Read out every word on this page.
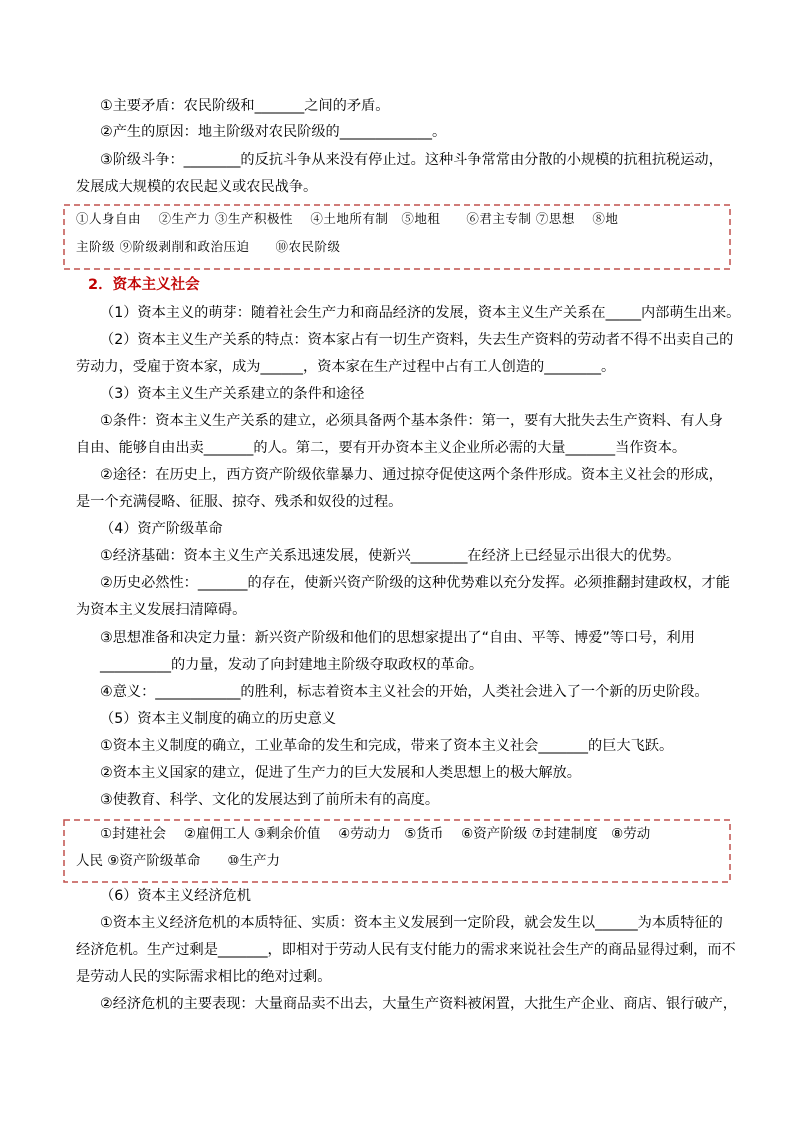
①主要矛盾：农民阶级和_______之间的矛盾。
②产生的原因：地主阶级对农民阶级的_____________。
③阶级斗争：________的反抗斗争从来没有停止过。这种斗争常常由分散的小规模的抗租抗税运动，
发展成大规模的农民起义或农民战争。
①人身自由　 ②生产力 ③生产积极性　 ④土地所有制　⑤地租　　⑥君主专制 ⑦思想　 ⑧地
主阶级 ⑨阶级剥削和政治压迫　　⑩农民阶级
2．资本主义社会
（1）资本主义的萌芽：随着社会生产力和商品经济的发展，资本主义生产关系在_____内部萌生出来。
（2）资本主义生产关系的特点：资本家占有一切生产资料，失去生产资料的劳动者不得不出卖自己的
劳动力，受雇于资本家，成为______，资本家在生产过程中占有工人创造的________。
（3）资本主义生产关系建立的条件和途径
①条件：资本主义生产关系的建立，必须具备两个基本条件：第一，要有大批失去生产资料、有人身
自由、能够自由出卖_______的人。第二，要有开办资本主义企业所必需的大量_______当作资本。
②途径：在历史上，西方资产阶级依靠暴力、通过掠夺促使这两个条件形成。资本主义社会的形成，
是一个充满侵略、征服、掠夺、残杀和奴役的过程。
（4）资产阶级革命
①经济基础：资本主义生产关系迅速发展，使新兴________在经济上已经显示出很大的优势。
②历史必然性：_______的存在，使新兴资产阶级的这种优势难以充分发挥。必须推翻封建政权，才能
为资本主义发展扫清障碍。
③思想准备和决定力量：新兴资产阶级和他们的思想家提出了“自由、平等、博爱”等口号，利用
__________的力量，发动了向封建地主阶级夺取政权的革命。
④意义：____________的胜利，标志着资本主义社会的开始，人类社会进入了一个新的历史阶段。
（5）资本主义制度的确立的历史意义
①资本主义制度的确立，工业革命的发生和完成，带来了资本主义社会_______的巨大飞跃。
②资本主义国家的建立，促进了生产力的巨大发展和人类思想上的极大解放。
③使教育、科学、文化的发展达到了前所未有的高度。
①封建社会　 ②雇佣工人 ③剩余价值　 ④劳动力　⑤货币　 ⑥资产阶级 ⑦封建制度　⑧劳动
人民 ⑨资产阶级革命　　⑩生产力
（6）资本主义经济危机
①资本主义经济危机的本质特征、实质：资本主义发展到一定阶段，就会发生以______为本质特征的
经济危机。生产过剩是_______，即相对于劳动人民有支付能力的需求来说社会生产的商品显得过剩，而不
是劳动人民的实际需求相比的绝对过剩。
②经济危机的主要表现：大量商品卖不出去，大量生产资料被闲置，大批生产企业、商店、银行破产，
